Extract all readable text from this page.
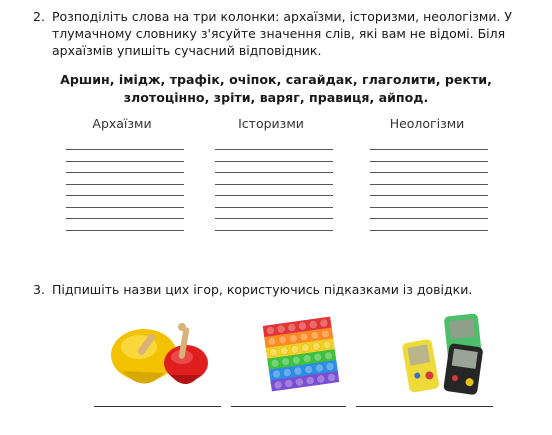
2. Розподіліть слова на три колонки: архаїзми, історизми, неологізми. У тлумачному словнику з'ясуйте значення слів, які вам не відомі. Біля архаїзмів упишіть сучасний відповідник.

Аршин, імідж, трафік, очіпок, сагайдак, глаголити, ректи,
злотоцінно, зріти, варяг, правиця, айпод.
Архаїзми	Історизми	Неологізми
3. Підпишіть назви цих ігор, користуючись підказками із довідки.
